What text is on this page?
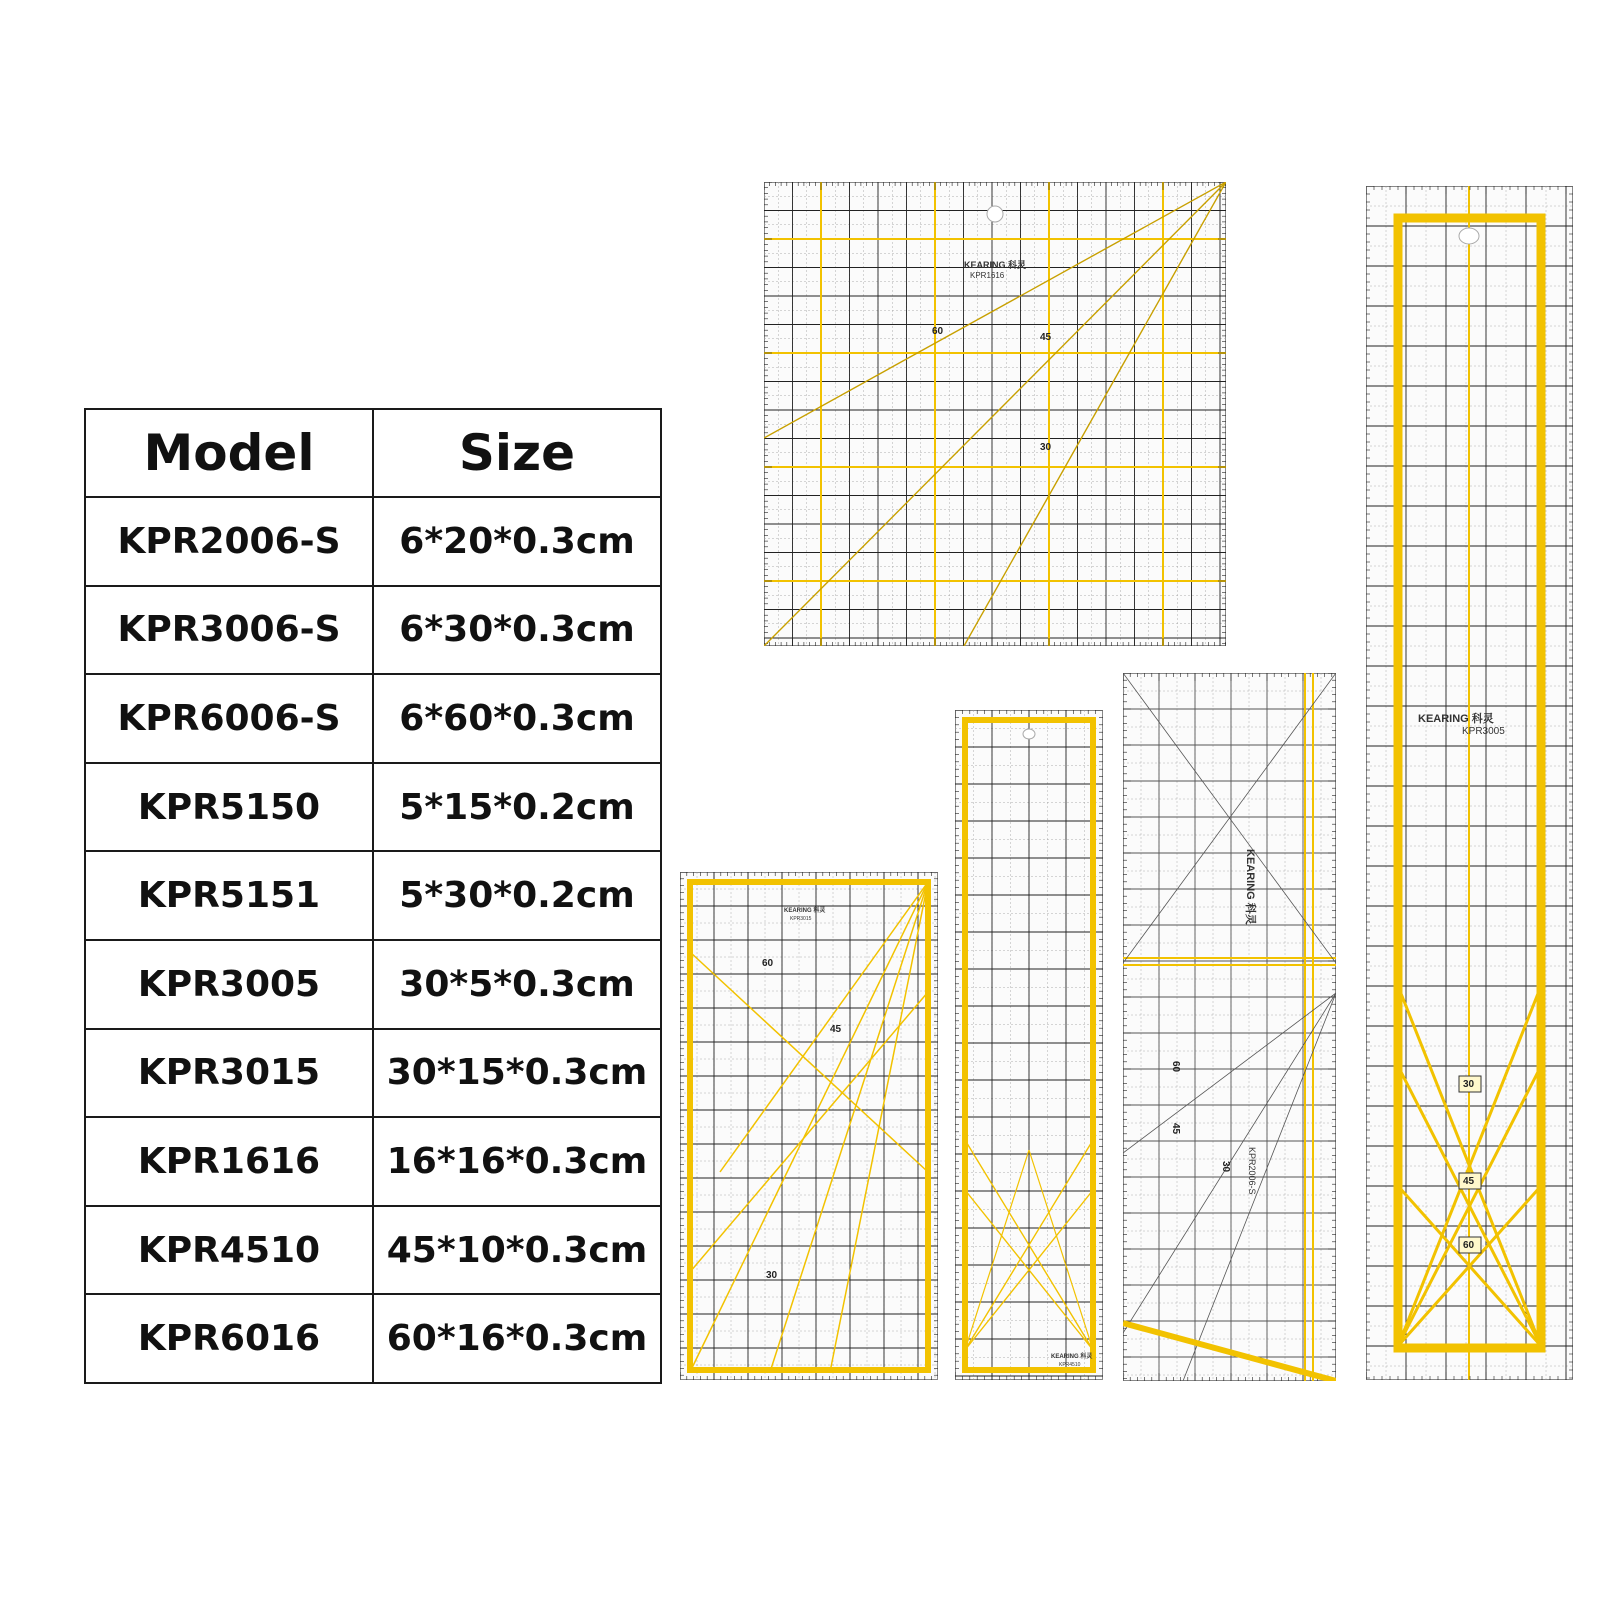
Model	Size
KPR2006-S	6*20*0.3cm
KPR3006-S	6*30*0.3cm
KPR6006-S	6*60*0.3cm
KPR5150	5*15*0.2cm
KPR5151	5*30*0.2cm
KPR3005	30*5*0.3cm
KPR3015	30*15*0.3cm
KPR1616	16*16*0.3cm
KPR4510	45*10*0.3cm
KPR6016	60*16*0.3cm
KEARING 科灵
KPR1616
60
45
30
KEARING 科灵
KPR3015
60
45
30
KEARING 科灵
KPR4510
KEARING 科灵
KPR2006-S
60
45
30
KEARING 科灵
KPR3005
30
45
60
